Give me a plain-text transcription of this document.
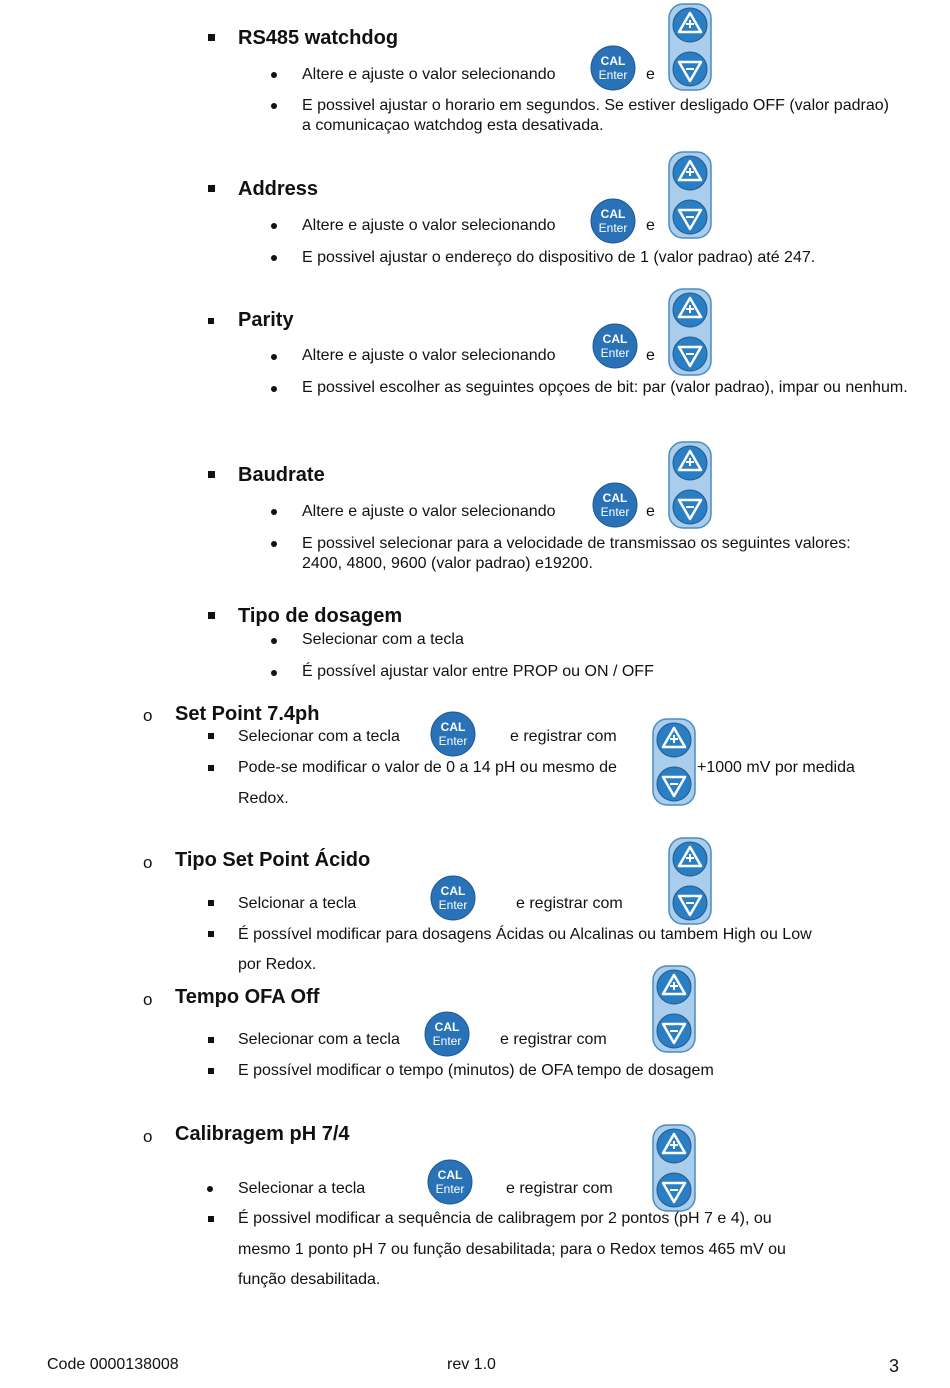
RS485 watchdog
Altere e ajuste o valor selecionando
CAL
Enter e
E possivel ajustar o horario em segundos. Se estiver desligado OFF (valor padrao) a comunicaçao watchdog esta desativada.
Address
Altere e ajuste o valor selecionando
CAL
Enter e
E possivel ajustar o endereço do dispositivo de 1 (valor padrao) até 247.
Parity
Altere e ajuste o valor selecionando
CAL
Enter e
E possivel escolher as seguintes opçoes de bit: par (valor padrao), impar ou nenhum.
Baudrate
Altere e ajuste o valor selecionando
CAL
Enter e
E possivel selecionar para a velocidade de transmissao os seguintes valores: 2400, 4800, 9600 (valor padrao) e19200.
Tipo de dosagem
Selecionar com a tecla
É possível ajustar valor entre PROP ou ON / OFF
o Set Point 7.4ph
Selecionar com a tecla
CAL
Enter	e registrar com
Pode-se modificar o valor de 0 a 14 pH ou mesmo de	+1000 mV por medida
Redox.
o Tipo Set Point Ácido
Selcionar a tecla
CAL
Enter	e registrar com
É possível modificar para dosagens Ácidas ou Alcalinas ou tambem High ou Low
por Redox.
o Tempo OFA Off
CAL
Enter
Selecionar com a tecla	e registrar com
E possível modificar o tempo (minutos) de OFA tempo de dosagem
o Calibragem pH 7/4
CAL
Enter
Selecionar a tecla	e registrar com
É possivel modificar a sequência de calibragem por 2 pontos (pH 7 e 4), ou
mesmo 1 ponto pH 7 ou função desabilitada; para o Redox temos 465 mV ou
função desabilitada.
Code 0000138008	rev 1.0	3
